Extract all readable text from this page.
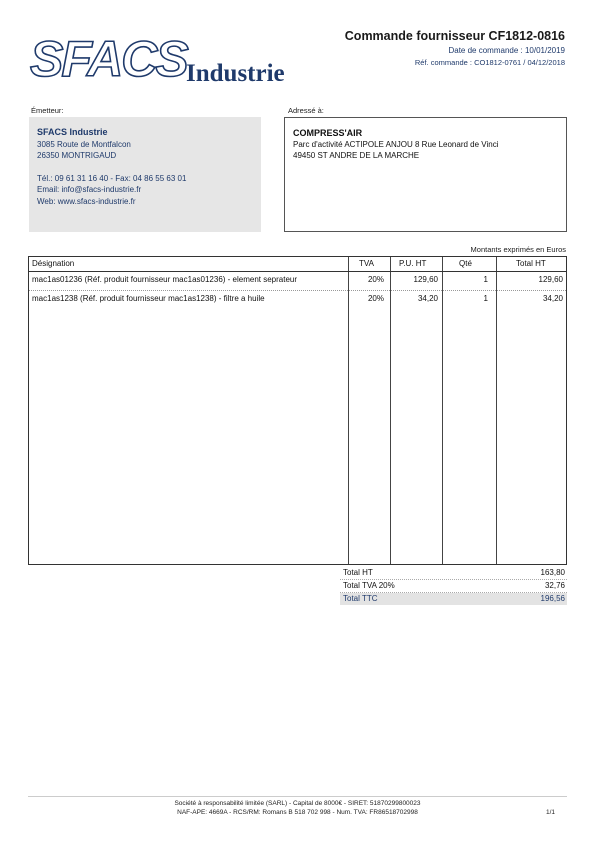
SFACS Industrie
Commande fournisseur CF1812-0816
Date de commande : 10/01/2019
Réf. commande : CO1812-0761 / 04/12/2018
Émetteur:
SFACS Industrie
3085 Route de Montfalcon
26350 MONTRIGAUD
Tél.: 09 61 31 16 40 - Fax: 04 86 55 63 01
Email: info@sfacs-industrie.fr
Web: www.sfacs-industrie.fr
Adressé à:
COMPRESS'AIR
Parc d'activité ACTIPOLE ANJOU 8 Rue Leonard de Vinci
49450 ST ANDRE DE LA MARCHE
Montants exprimés en Euros
Désignation	TVA	P.U. HT	Qté	Total HT
mac1as01236 (Réf. produit fournisseur mac1as01236) - element seprateur	20%	129,60	1	129,60
mac1as1238 (Réf. produit fournisseur mac1as1238) - filtre a huile	20%	34,20	1	34,20
Total HT	163,80
Total TVA 20%	32,76
Total TTC	196,56
Société à responsabilité limitée (SARL) - Capital de 8000€ - SIRET: 51870299800023
NAF-APE: 4669A - RCS/RM: Romans B 518 702 998 - Num. TVA: FR86518702998	1/1
